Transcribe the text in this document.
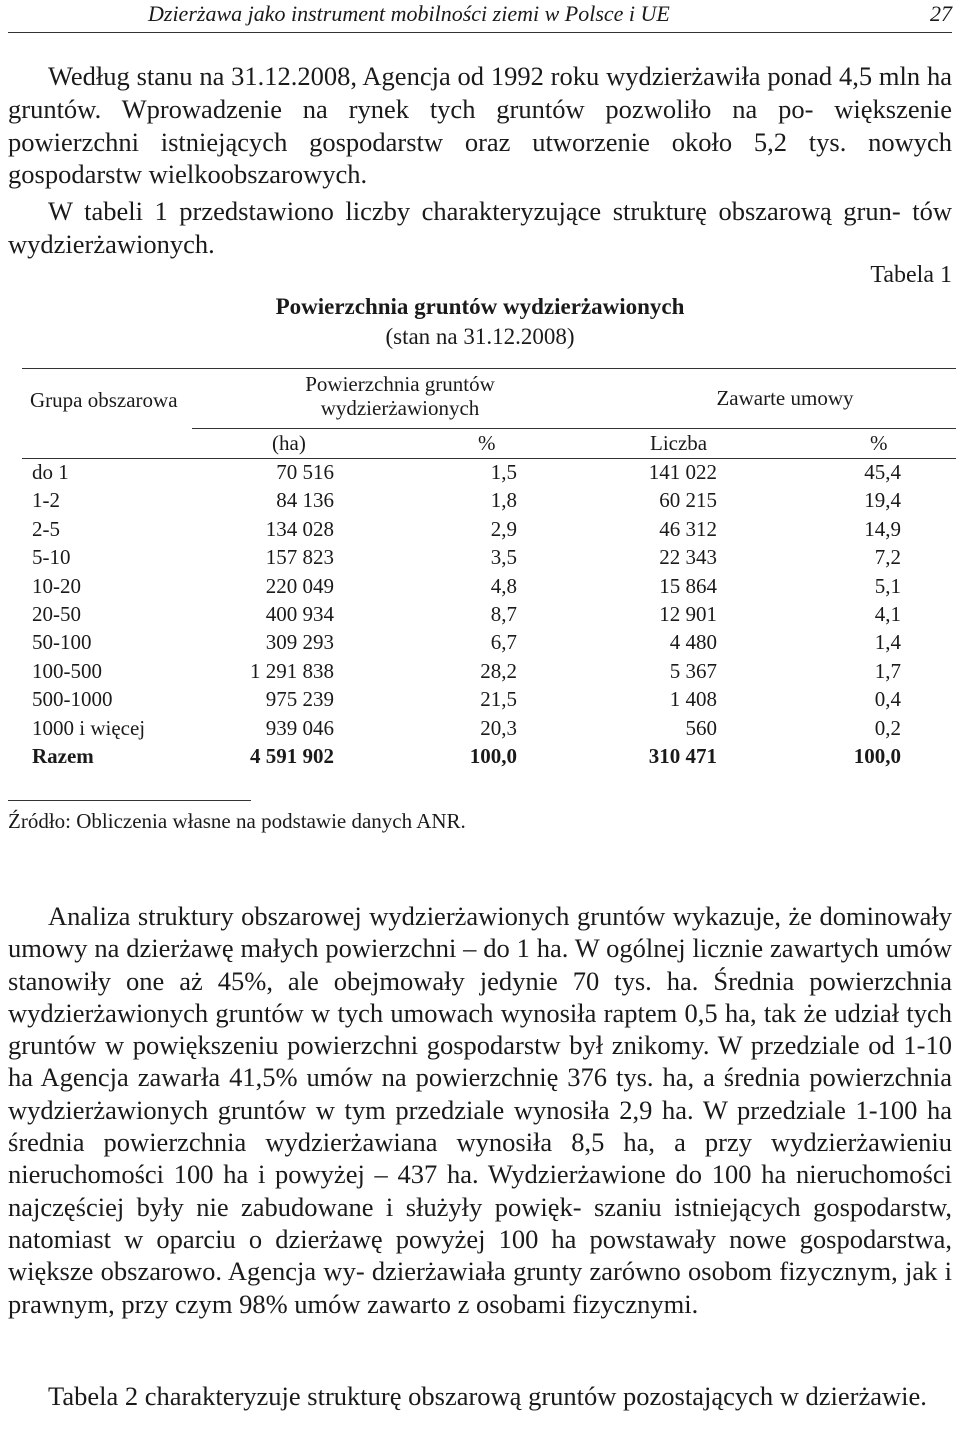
Dzierżawa jako instrument mobilności ziemi w Polsce i UE	27
Według stanu na 31.12.2008, Agencja od 1992 roku wydzierżawiła ponad 4,5 mln ha gruntów. Wprowadzenie na rynek tych gruntów pozwoliło na po- większenie powierzchni istniejących gospodarstw oraz utworzenie około 5,2 tys. nowych gospodarstw wielkoobszarowych.
W tabeli 1 przedstawiono liczby charakteryzujące strukturę obszarową grun- tów wydzierżawionych.
Tabela 1
Powierzchnia gruntów wydzierżawionych
(stan na 31.12.2008)
Grupa obszarowa
Powierzchnia gruntów wydzierżawionych	Zawarte umowy
(ha)	%	Liczba	%
do 1	70 516	1,5	141 022	45,4
1-2	84 136	1,8	60 215	19,4
2-5	134 028	2,9	46 312	14,9
5-10	157 823	3,5	22 343	7,2
10-20	220 049	4,8	15 864	5,1
20-50	400 934	8,7	12 901	4,1
50-100	309 293	6,7	4 480	1,4
100-500	1 291 838	28,2	5 367	1,7
500-1000	975 239	21,5	1 408	0,4
1000 i więcej	939 046	20,3	560	0,2
Razem	4 591 902	100,0	310 471	100,0
Źródło: Obliczenia własne na podstawie danych ANR.
Analiza struktury obszarowej wydzierżawionych gruntów wykazuje, że dominowały umowy na dzierżawę małych powierzchni – do 1 ha. W ogólnej licznie zawartych umów stanowiły one aż 45%, ale obejmowały jedynie 70 tys. ha. Średnia powierzchnia wydzierżawionych gruntów w tych umowach wynosiła raptem 0,5 ha, tak że udział tych gruntów w powiększeniu powierzchni gospodarstw był znikomy. W przedziale od 1-10 ha Agencja zawarła 41,5% umów na powierzchnię 376 tys. ha, a średnia powierzchnia wydzierżawionych gruntów w tym przedziale wynosiła 2,9 ha. W przedziale 1-100 ha średnia powierzchnia wydzierżawiana wynosiła 8,5 ha, a przy wydzierżawieniu nieruchomości 100 ha i powyżej – 437 ha. Wydzierżawione do 100 ha nieruchomości najczęściej były nie zabudowane i służyły powięk- szaniu istniejących gospodarstw, natomiast w oparciu o dzierżawę powyżej 100 ha powstawały nowe gospodarstwa, większe obszarowo. Agencja wy- dzierżawiała grunty zarówno osobom fizycznym, jak i prawnym, przy czym 98% umów zawarto z osobami fizycznymi.
Tabela 2 charakteryzuje strukturę obszarową gruntów pozostających w dzierżawie.
